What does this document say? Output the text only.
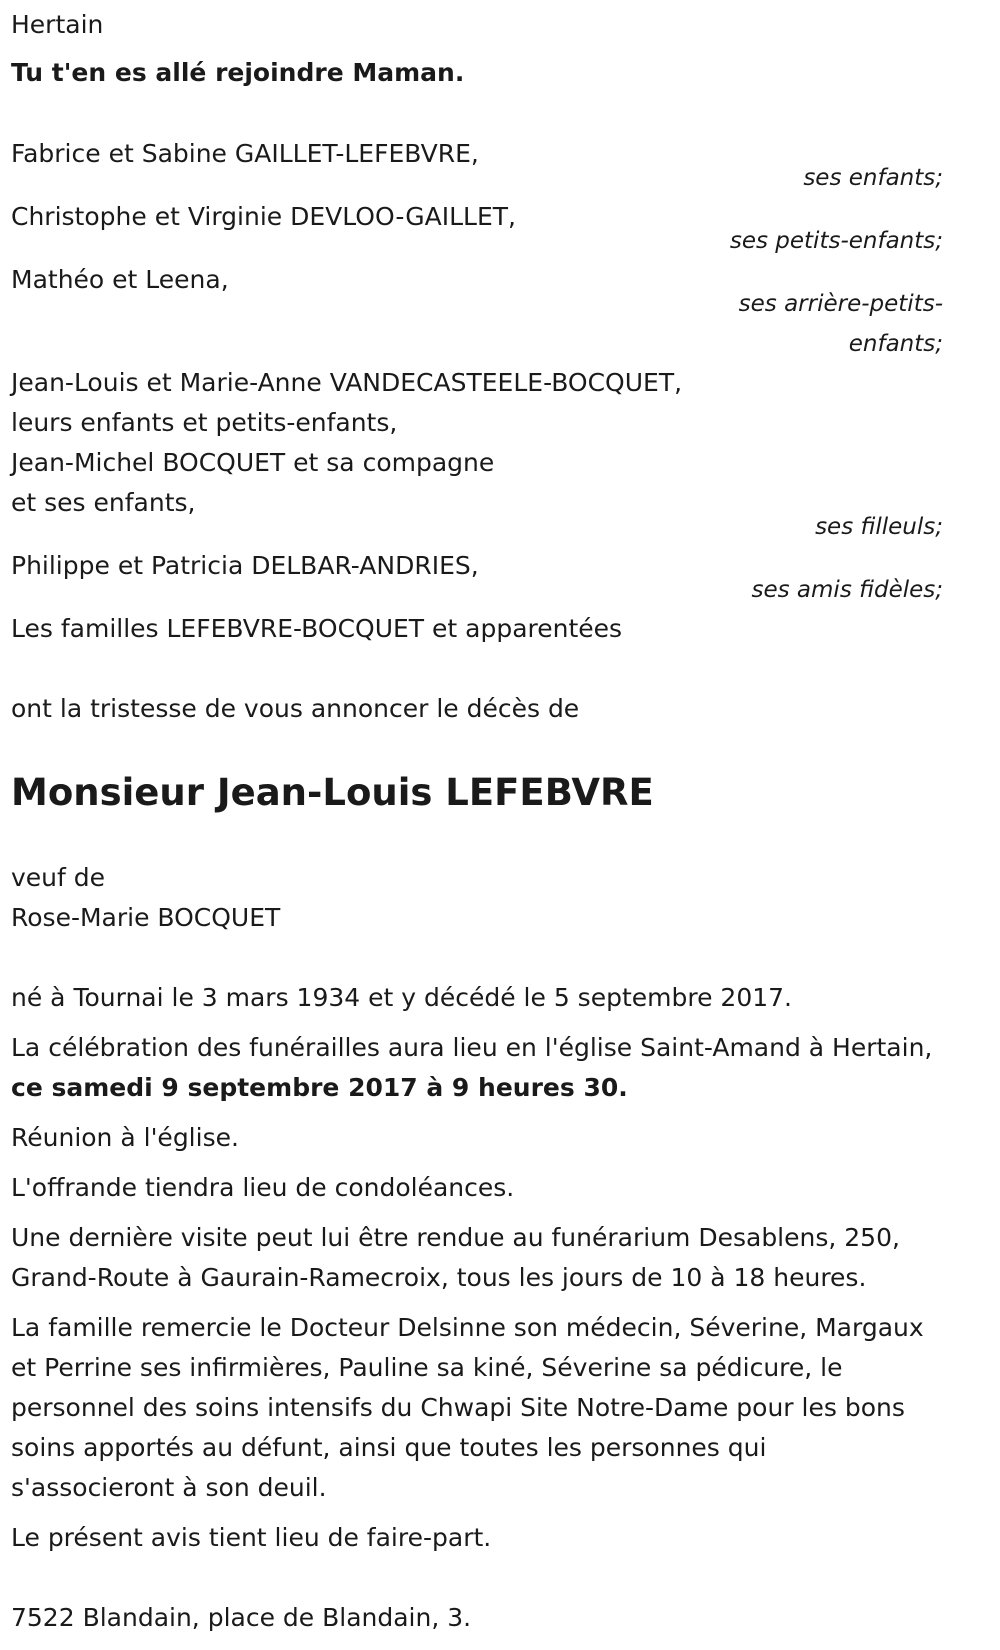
Hertain

Tu t'en es allé rejoindre Maman.

Fabrice et Sabine GAILLET-LEFEBVRE,

ses enfants;

Christophe et Virginie DEVLOO-GAILLET,

ses petits-enfants;

Mathéo et Leena,

ses arrière-petits-

enfants;

Jean-Louis et Marie-Anne VANDECASTEELE-BOCQUET,

leurs enfants et petits-enfants,

Jean-Michel BOCQUET et sa compagne

et ses enfants,

ses filleuls;

Philippe et Patricia DELBAR-ANDRIES,

ses amis fidèles;

Les familles LEFEBVRE-BOCQUET et apparentées

ont la tristesse de vous annoncer le décès de

Monsieur Jean-Louis LEFEBVRE

veuf de

Rose-Marie BOCQUET

né à Tournai le 3 mars 1934 et y décédé le 5 septembre 2017.

La célébration des funérailles aura lieu en l'église Saint-Amand à Hertain,

ce samedi 9 septembre 2017 à 9 heures 30.

Réunion à l'église.

L'offrande tiendra lieu de condoléances.

Une dernière visite peut lui être rendue au funérarium Desablens, 250,

Grand-Route à Gaurain-Ramecroix, tous les jours de 10 à 18 heures.

La famille remercie le Docteur Delsinne son médecin, Séverine, Margaux

et Perrine ses infirmières, Pauline sa kiné, Séverine sa pédicure, le

personnel des soins intensifs du Chwapi Site Notre-Dame pour les bons

soins apportés au défunt, ainsi que toutes les personnes qui

s'associeront à son deuil.

Le présent avis tient lieu de faire-part.

7522 Blandain, place de Blandain, 3.
